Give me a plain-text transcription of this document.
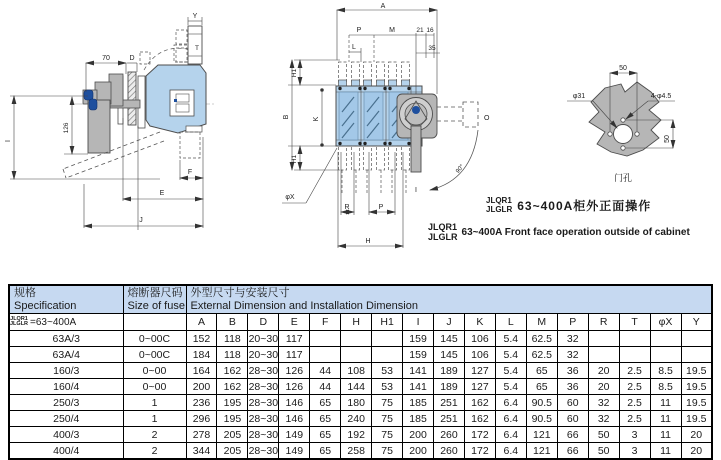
70	D
Y
T
I
126
F
E
J
A
P	M	21 16
L	35
H1
B	K
H1
φX
R	P
H
I
O
90°
50
φ31	4-φ4.5
50
门孔
JLQR1
JLGLR 63~400A柜外正面操作
JLQR1
JLGLR 63~400A Front face operation outside of cabinet
规格
Specification

熔断器尺码
Size of fuse

外型尺寸与安装尺寸
External Dimension and Installation Dimension

JLQR1
JLGLR =63~400A		A	B	D	E	F	H	H1	I	J	K	L	M	P	R	T	φX	Y
63A/3	0~00C	152	118	20~30	117				159	145	106	5.4	62.5	32				
63A/4	0~00C	184	118	20~30	117				159	145	106	5.4	62.5	32				
160/3	0~00	164	162	28~30	126	44	108	53	141	189	127	5.4	65	36	20	2.5	8.5	19.5
160/4	0~00	200	162	28~30	126	44	144	53	141	189	127	5.4	65	36	20	2.5	8.5	19.5
250/3	1	236	195	28~30	146	65	180	75	185	251	162	6.4	90.5	60	32	2.5	11	19.5
250/4	1	296	195	28~30	146	65	240	75	185	251	162	6.4	90.5	60	32	2.5	11	19.5
400/3	2	278	205	28~30	149	65	192	75	200	260	172	6.4	121	66	50	3	11	20
400/4	2	344	205	28~30	149	65	258	75	200	260	172	6.4	121	66	50	3	11	20
